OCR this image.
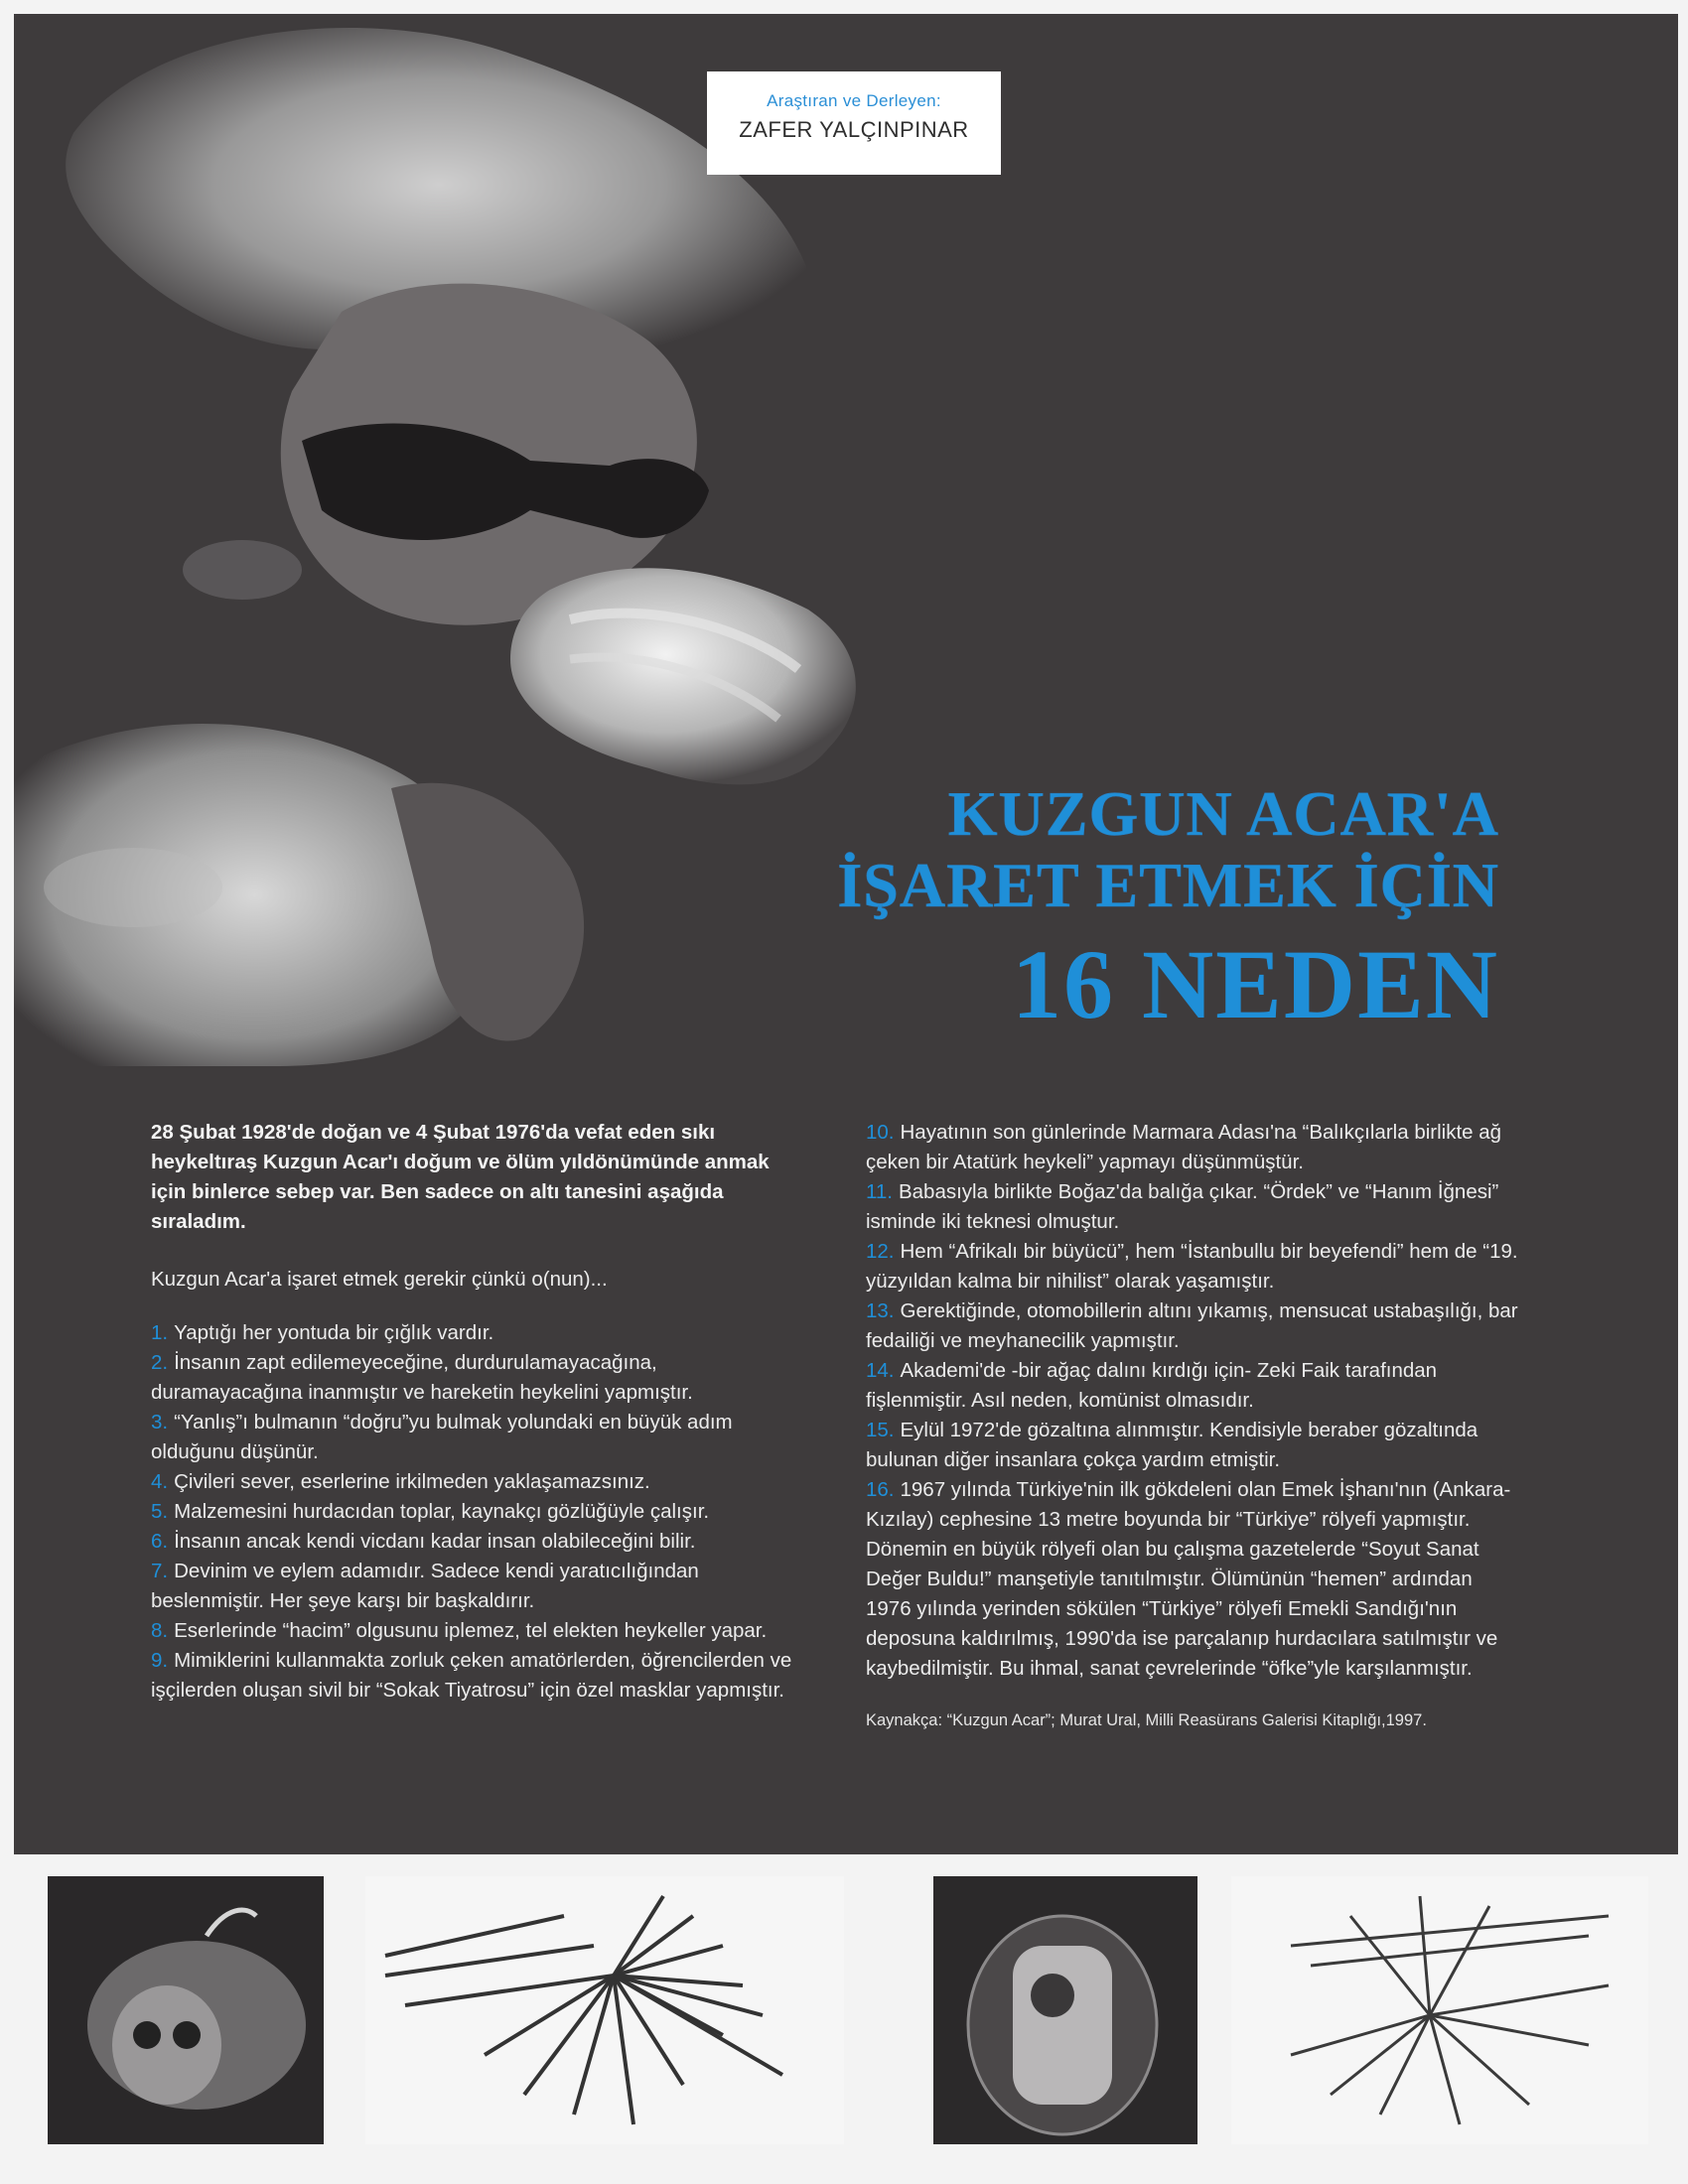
Araştıran ve Derleyen:
ZAFER YALÇINPINAR
KUZGUN ACAR'A
İŞARET ETMEK İÇİN
16 NEDEN

28 Şubat 1928'de doğan ve 4 Şubat 1976'da vefat eden sıkı heykeltıraş Kuzgun Acar'ı doğum ve ölüm yıldönümünde anmak için binlerce sebep var. Ben sadece on altı tanesini aşağıda sıraladım.

Kuzgun Acar'a işaret etmek gerekir çünkü o(nun)...

1. Yaptığı her yontuda bir çığlık vardır.

2. İnsanın zapt edilemeyeceğine, durdurulamayacağına, duramayacağına inanmıştır ve hareketin heykelini yapmıştır.

3. “Yanlış”ı bulmanın “doğru”yu bulmak yolundaki en büyük adım olduğunu düşünür.

4. Çivileri sever, eserlerine irkilmeden yaklaşamazsınız.

5. Malzemesini hurdacıdan toplar, kaynakçı gözlüğüyle çalışır.

6. İnsanın ancak kendi vicdanı kadar insan olabileceğini bilir.

7. Devinim ve eylem adamıdır. Sadece kendi yaratıcılığından beslenmiştir. Her şeye karşı bir başkaldırır.

8. Eserlerinde “hacim” olgusunu iplemez, tel elekten heykeller yapar.

9. Mimiklerini kullanmakta zorluk çeken amatörlerden, öğrencilerden ve işçilerden oluşan sivil bir “Sokak Tiyatrosu” için özel masklar yapmıştır.

10. Hayatının son günlerinde Marmara Adası'na “Balıkçılarla birlikte ağ çeken bir Atatürk heykeli” yapmayı düşünmüştür.

11. Babasıyla birlikte Boğaz'da balığa çıkar. “Ördek” ve “Hanım İğnesi” isminde iki teknesi olmuştur.

12. Hem “Afrikalı bir büyücü”, hem “İstanbullu bir beyefendi” hem de “19. yüzyıldan kalma bir nihilist” olarak yaşamıştır.

13. Gerektiğinde, otomobillerin altını yıkamış, mensucat ustabaşılığı, bar fedailiği ve meyhanecilik yapmıştır.

14. Akademi'de -bir ağaç dalını kırdığı için- Zeki Faik tarafından fişlenmiştir. Asıl neden, komünist olmasıdır.

15. Eylül 1972'de gözaltına alınmıştır. Kendisiyle beraber gözaltında bulunan diğer insanlara çokça yardım etmiştir.

16. 1967 yılında Türkiye'nin ilk gökdeleni olan Emek İşhanı'nın (Ankara-Kızılay) cephesine 13 metre boyunda bir “Türkiye” rölyefi yapmıştır. Dönemin en büyük rölyefi olan bu çalışma gazetelerde “Soyut Sanat Değer Buldu!” manşetiyle tanıtılmıştır. Ölümünün “hemen” ardından 1976 yılında yerinden sökülen “Türkiye” rölyefi Emekli Sandığı'nın deposuna kaldırılmış, 1990'da ise parçalanıp hurdacılara satılmıştır ve kaybedilmiştir. Bu ihmal, sanat çevrelerinde “öfke”yle karşılanmıştır.

Kaynakça: “Kuzgun Acar”; Murat Ural, Milli Reasürans Galerisi Kitaplığı,1997.
